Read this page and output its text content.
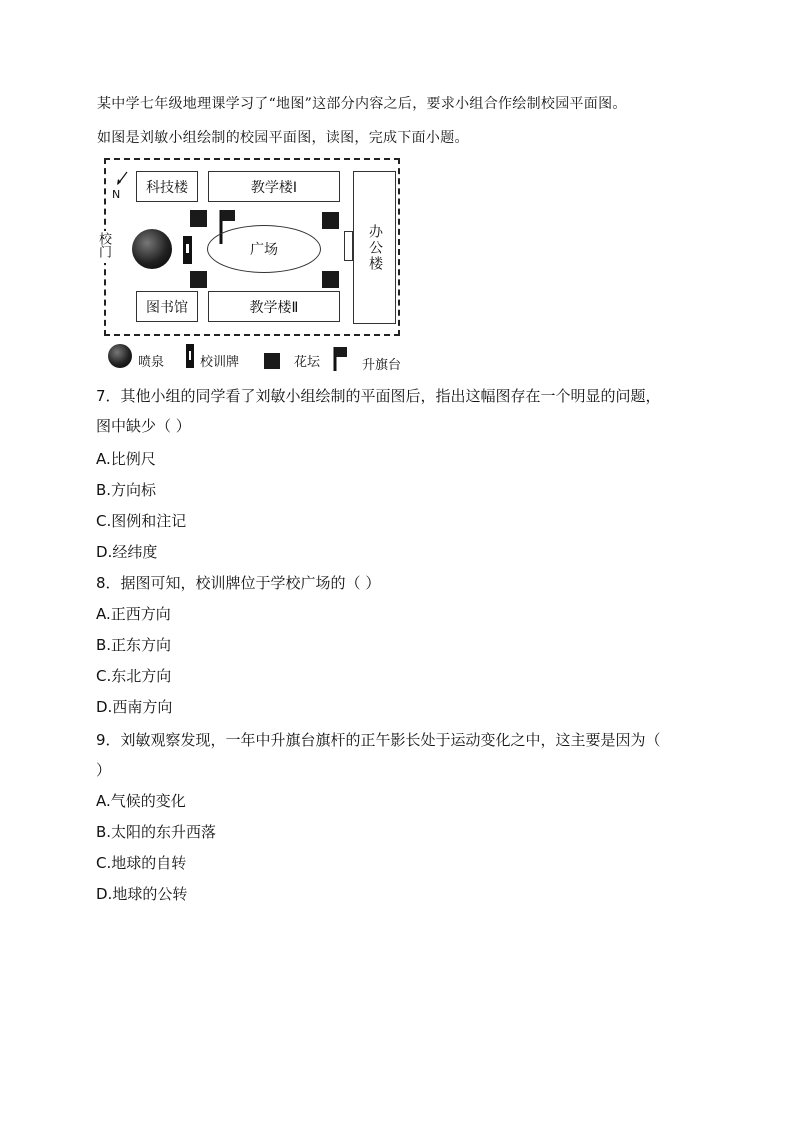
某中学七年级地理课学习了“地图”这部分内容之后，要求小组合作绘制校园平面图。
如图是刘敏小组绘制的校园平面图，读图，完成下面小题。
N	科技楼	教学楼Ⅰ
广场	办公楼
图书馆	教学楼Ⅱ
校门
喷泉	校训牌	花坛	升旗台
7．其他小组的同学看了刘敏小组绘制的平面图后，指出这幅图存在一个明显的问题，
图中缺少（ ）
A.比例尺
B.方向标
C.图例和注记
D.经纬度
8．据图可知，校训牌位于学校广场的（ ）
A.正西方向
B.正东方向
C.东北方向
D.西南方向
9．刘敏观察发现，一年中升旗台旗杆的正午影长处于运动变化之中，这主要是因为（
）
A.气候的变化
B.太阳的东升西落
C.地球的自转
D.地球的公转
